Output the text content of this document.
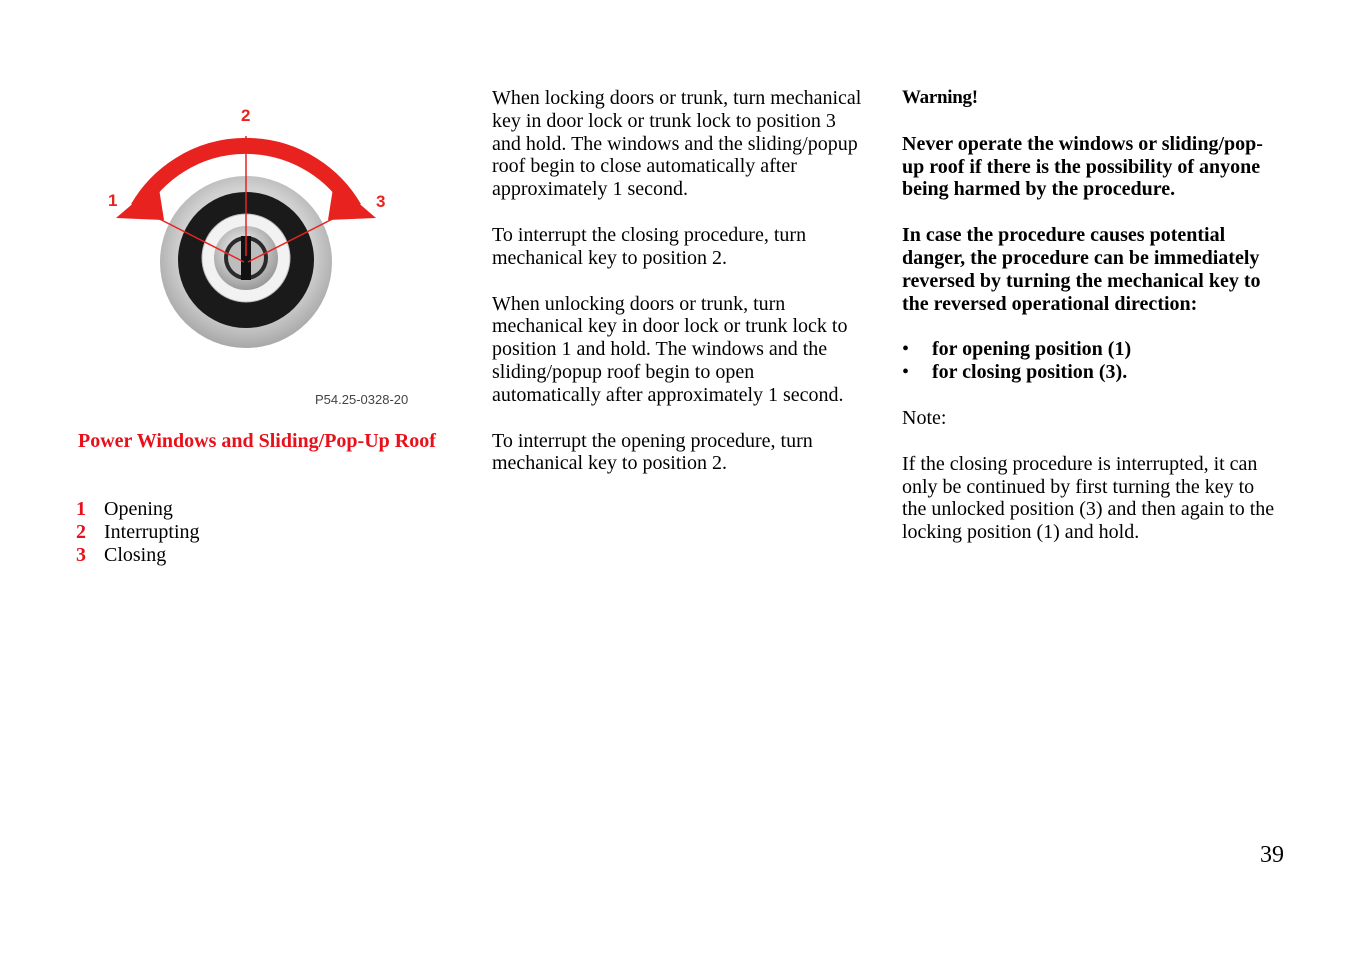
2
1	3
P54.25-0328-20
Power Windows and Sliding/Pop-Up Roof
1 Opening
2 Interrupting
3 Closing

When locking doors or trunk, turn mechanical key in door lock or trunk lock to position 3 and hold. The windows and the sliding/popup roof begin to close automatically after approximately 1 second.

To interrupt the closing procedure, turn mechanical key to position 2.

When unlocking doors or trunk, turn mechanical key in door lock or trunk lock to position 1 and hold. The windows and the sliding/popup roof begin to open automatically after approximately 1 second.

To interrupt the opening procedure, turn mechanical key to position 2.

Warning!

Never operate the windows or sliding/pop-up roof if there is the possibility of anyone being harmed by the procedure.

In case the procedure causes potential danger, the procedure can be immediately reversed by turning the mechanical key to the reversed operational direction:

•	for opening position (1)
•	for closing position (3).

Note:

If the closing procedure is interrupted, it can only be continued by first turning the key to the unlocked position (3) and then again to the locking position (1) and hold.

39
